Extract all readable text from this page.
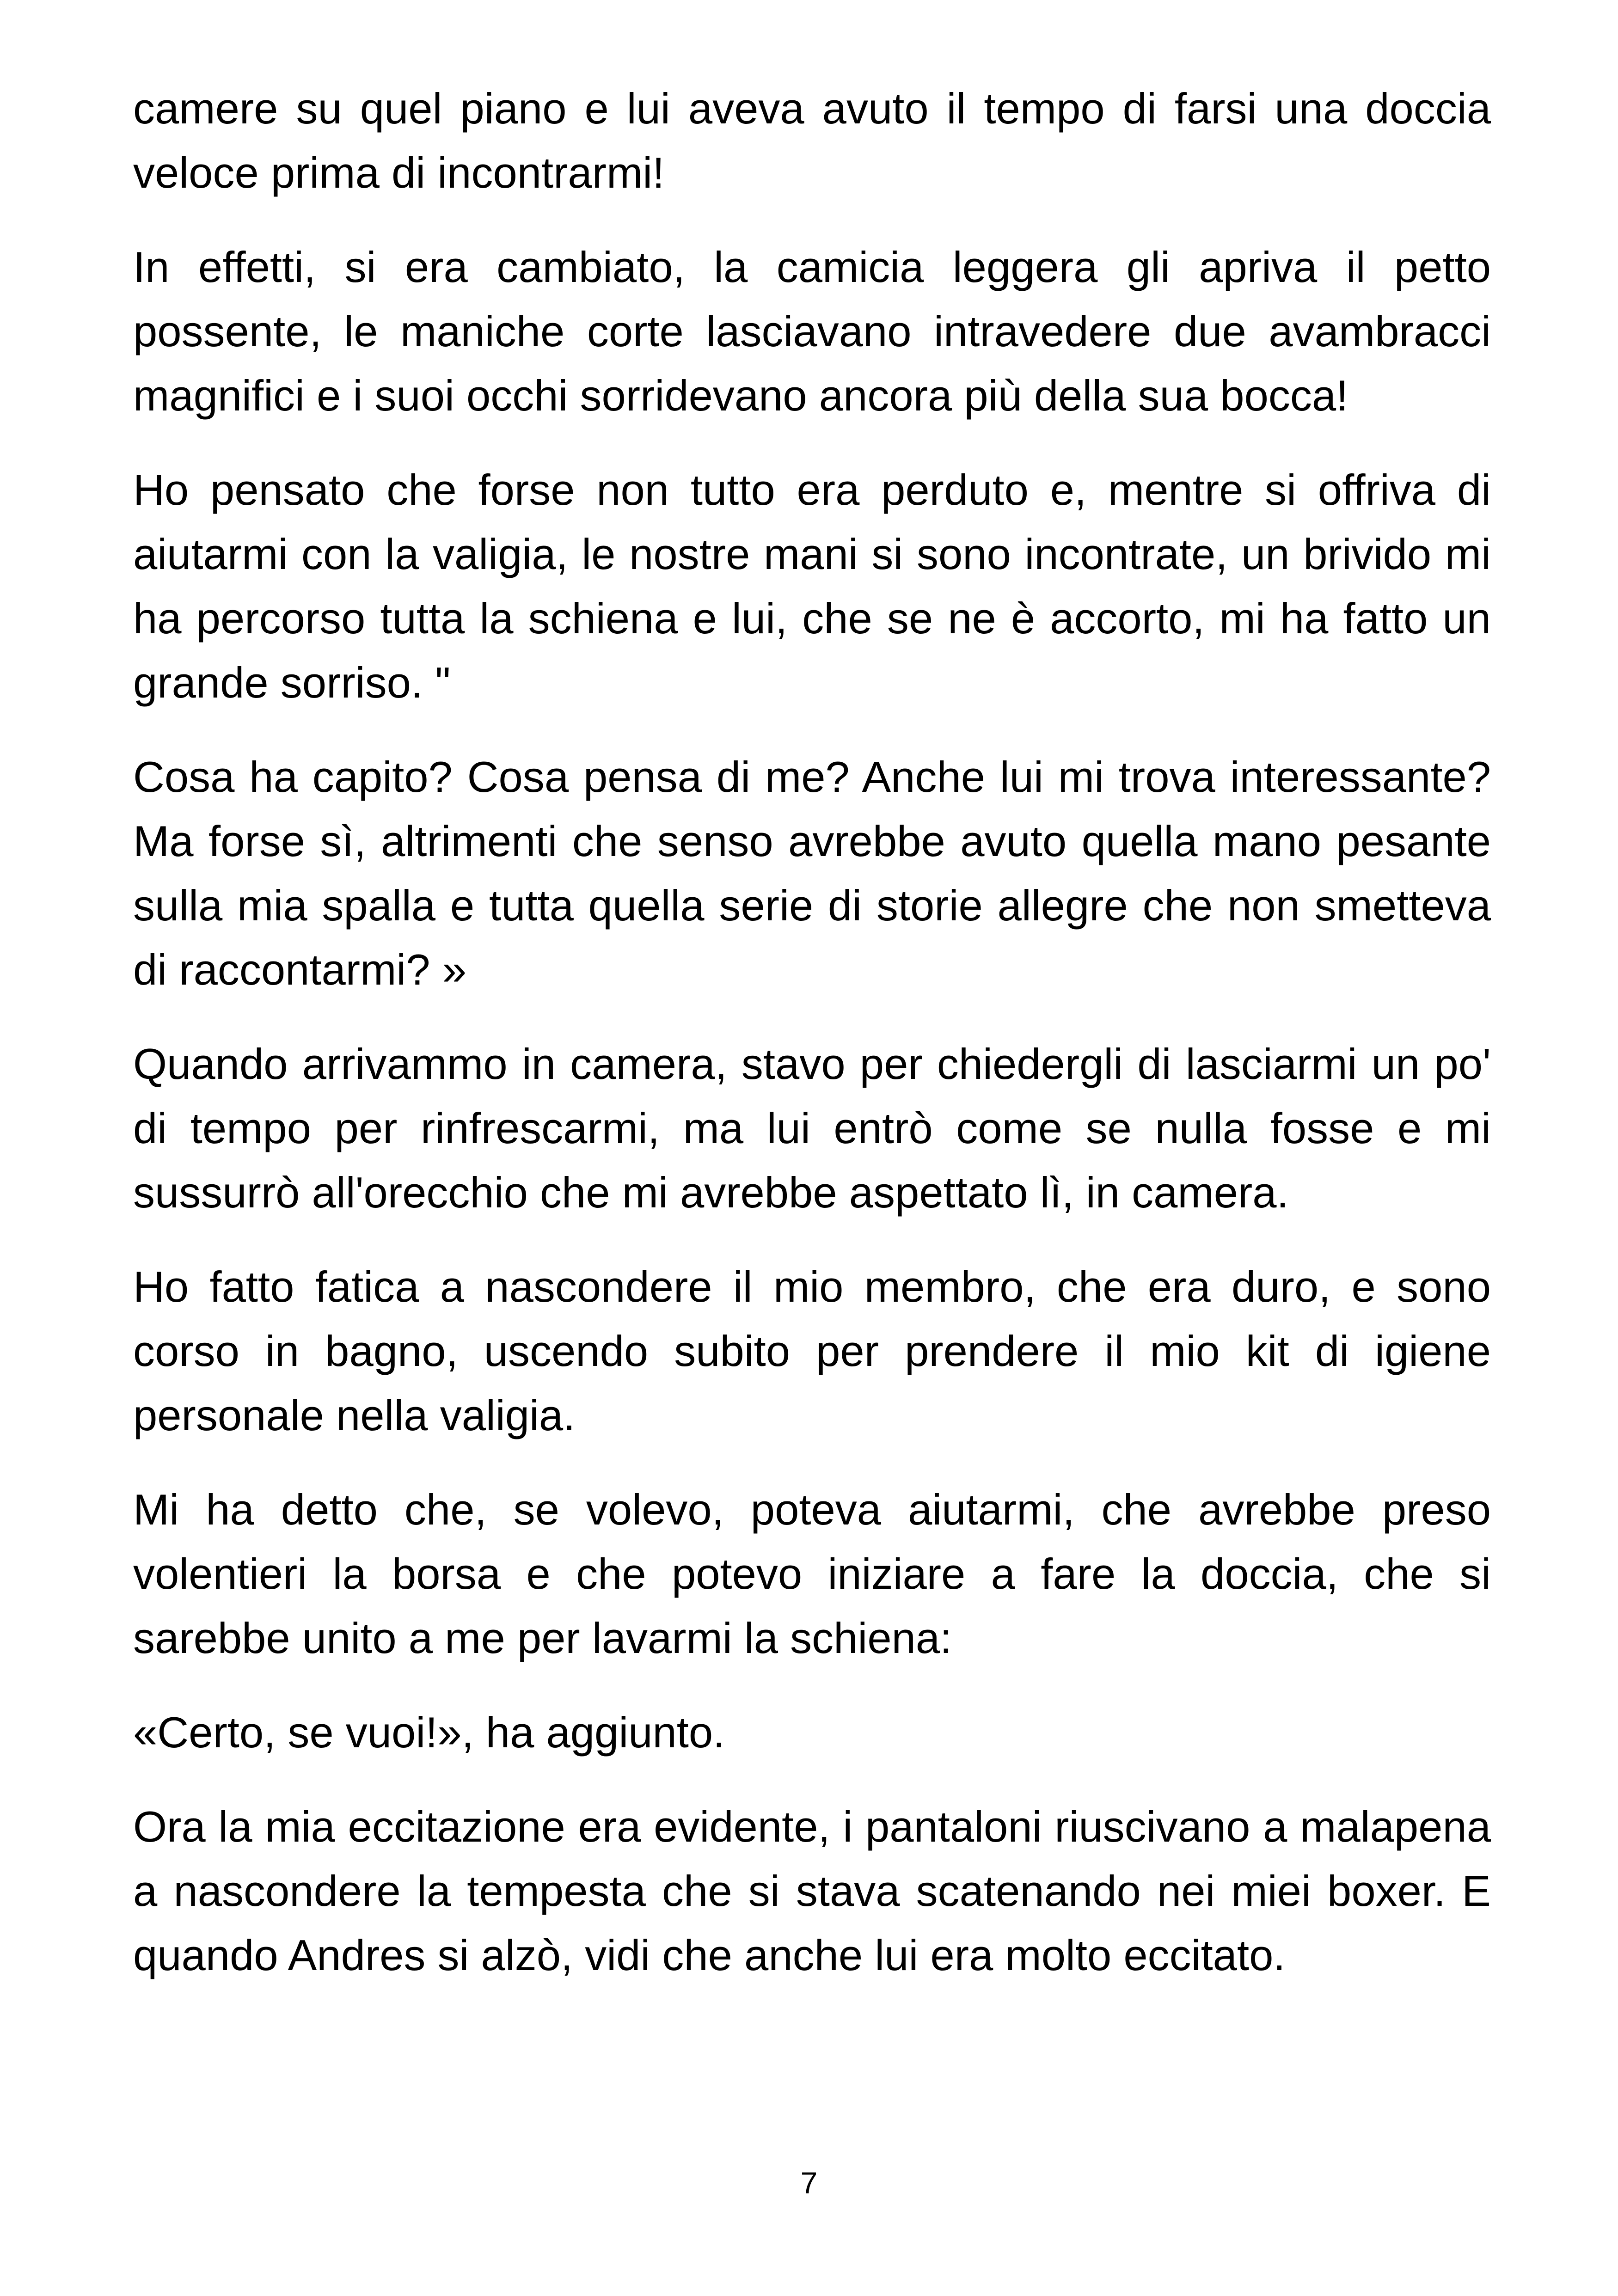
camere su quel piano e lui aveva avuto il tempo di farsi una doccia veloce prima di incontrarmi!

In effetti, si era cambiato, la camicia leggera gli apriva il petto possente, le maniche corte lasciavano intravedere due avambracci magnifici e i suoi occhi sorridevano ancora più della sua bocca!

Ho pensato che forse non tutto era perduto e, mentre si offriva di aiutarmi con la valigia, le nostre mani si sono incontrate, un brivido mi ha percorso tutta la schiena e lui, che se ne è accorto, mi ha fatto un grande sorriso. "

Cosa ha capito? Cosa pensa di me? Anche lui mi trova interessante? Ma forse sì, altrimenti che senso avrebbe avuto quella mano pesante sulla mia spalla e tutta quella serie di storie allegre che non smetteva di raccontarmi? »

Quando arrivammo in camera, stavo per chiedergli di lasciarmi un po' di tempo per rinfrescarmi, ma lui entrò come se nulla fosse e mi sussurrò all'orecchio che mi avrebbe aspettato lì, in camera.

Ho fatto fatica a nascondere il mio membro, che era duro, e sono corso in bagno, uscendo subito per prendere il mio kit di igiene personale nella valigia.

Mi ha detto che, se volevo, poteva aiutarmi, che avrebbe preso volentieri la borsa e che potevo iniziare a fare la doccia, che si sarebbe unito a me per lavarmi la schiena:

«Certo, se vuoi!», ha aggiunto.

Ora la mia eccitazione era evidente, i pantaloni riuscivano a malapena a nascondere la tempesta che si stava scatenando nei miei boxer. E quando Andres si alzò, vidi che anche lui era molto eccitato.

7
